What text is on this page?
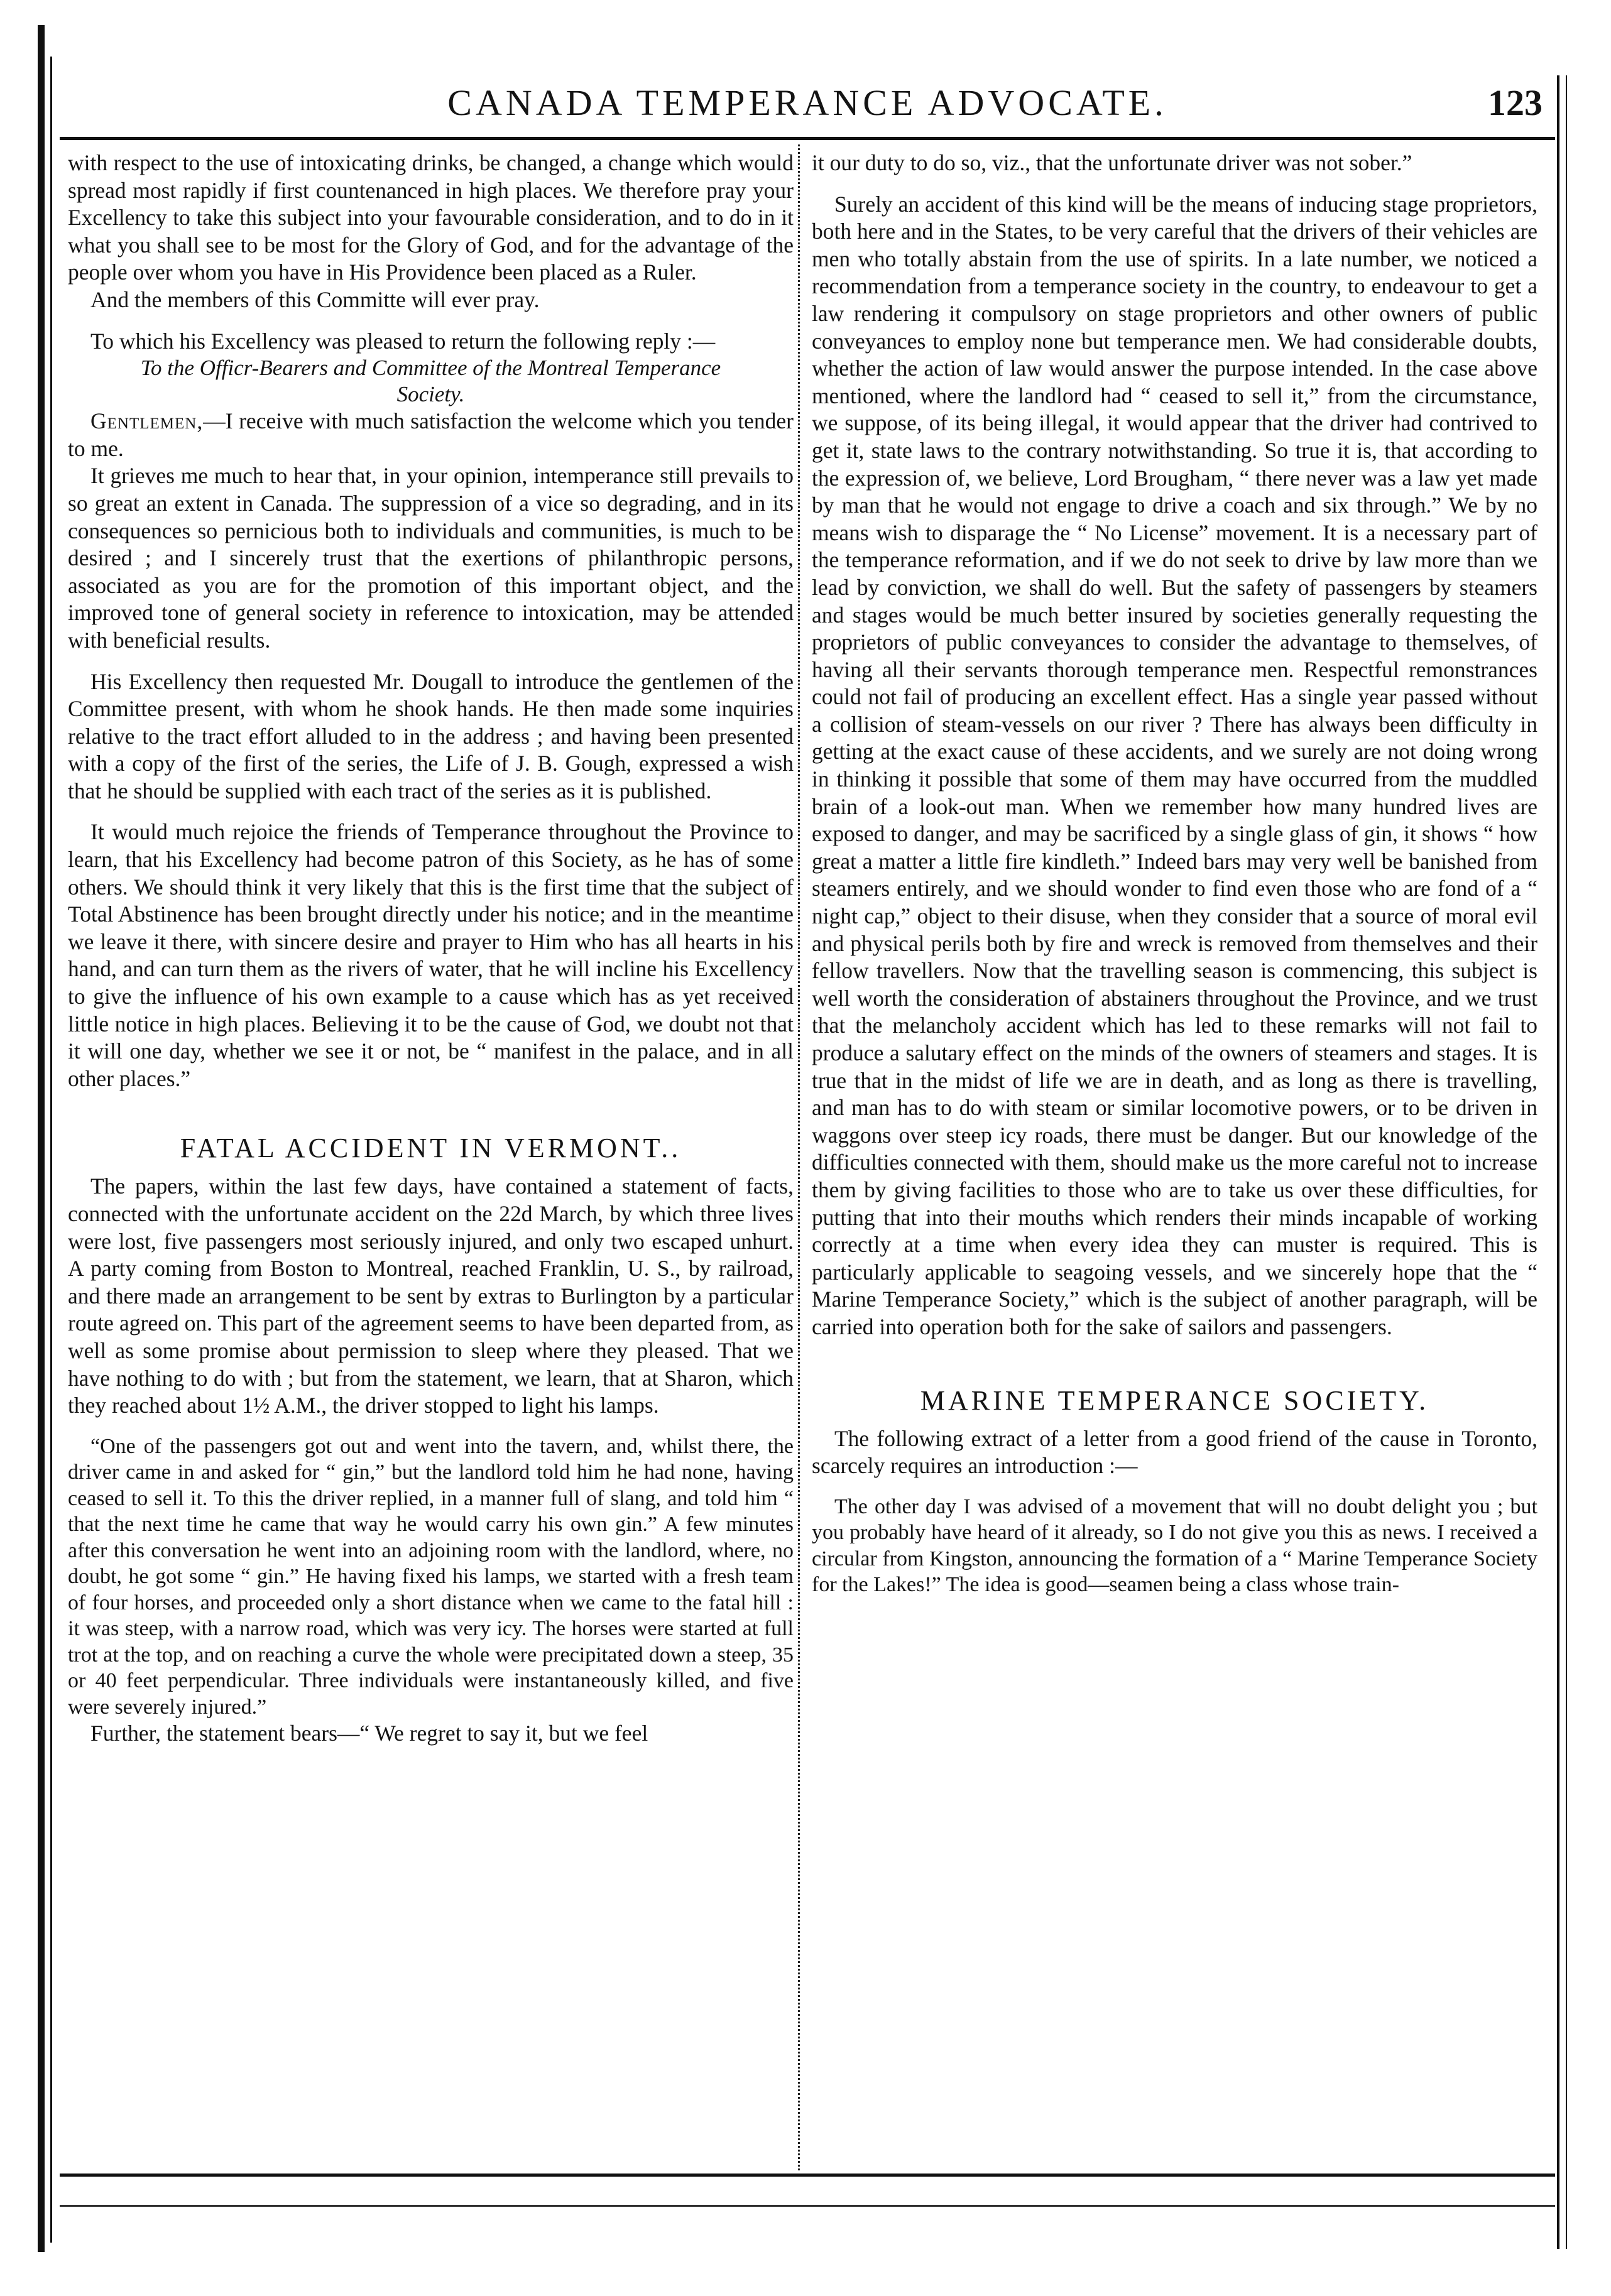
CANADA TEMPERANCE ADVOCATE.	123

with respect to the use of intoxicating drinks, be changed, a change which would spread most rapidly if first countenanced in high places. We therefore pray your Excellency to take this subject into your favourable consideration, and to do in it what you shall see to be most for the Glory of God, and for the advantage of the people over whom you have in His Providence been placed as a Ruler.

And the members of this Committe will ever pray.

To which his Excellency was pleased to return the following reply :—

To the Officr-Bearers and Committee of the Montreal Temperance Society.

Gentlemen,—I receive with much satisfaction the welcome which you tender to me.

It grieves me much to hear that, in your opinion, intemperance still prevails to so great an extent in Canada. The suppression of a vice so degrading, and in its consequences so pernicious both to individuals and communities, is much to be desired ; and I sincerely trust that the exertions of philanthropic persons, associated as you are for the promotion of this important object, and the improved tone of general society in reference to intoxication, may be attended with beneficial results.

His Excellency then requested Mr. Dougall to introduce the gentlemen of the Committee present, with whom he shook hands. He then made some inquiries relative to the tract effort alluded to in the address ; and having been presented with a copy of the first of the series, the Life of J. B. Gough, expressed a wish that he should be supplied with each tract of the series as it is published.

It would much rejoice the friends of Temperance throughout the Province to learn, that his Excellency had become patron of this Society, as he has of some others. We should think it very likely that this is the first time that the subject of Total Abstinence has been brought directly under his notice; and in the meantime we leave it there, with sincere desire and prayer to Him who has all hearts in his hand, and can turn them as the rivers of water, that he will incline his Excellency to give the influence of his own example to a cause which has as yet received little notice in high places. Believing it to be the cause of God, we doubt not that it will one day, whether we see it or not, be “ manifest in the palace, and in all other places.”

FATAL ACCIDENT IN VERMONT..

The papers, within the last few days, have contained a statement of facts, connected with the unfortunate accident on the 22d March, by which three lives were lost, five passengers most seriously injured, and only two escaped unhurt. A party coming from Boston to Montreal, reached Franklin, U. S., by railroad, and there made an arrangement to be sent by extras to Burlington by a particular route agreed on. This part of the agreement seems to have been departed from, as well as some promise about permission to sleep where they pleased. That we have nothing to do with ; but from the statement, we learn, that at Sharon, which they reached about 1½ A.M., the driver stopped to light his lamps.

“One of the passengers got out and went into the tavern, and, whilst there, the driver came in and asked for “ gin,” but the landlord told him he had none, having ceased to sell it. To this the driver replied, in a manner full of slang, and told him “ that the next time he came that way he would carry his own gin.” A few minutes after this conversation he went into an adjoining room with the landlord, where, no doubt, he got some “ gin.” He having fixed his lamps, we started with a fresh team of four horses, and proceeded only a short distance when we came to the fatal hill : it was steep, with a narrow road, which was very icy. The horses were started at full trot at the top, and on reaching a curve the whole were precipitated down a steep, 35 or 40 feet perpendicular. Three individuals were instantaneously killed, and five were severely injured.”

Further, the statement bears—“ We regret to say it, but we feel

it our duty to do so, viz., that the unfortunate driver was not sober.”

Surely an accident of this kind will be the means of inducing stage proprietors, both here and in the States, to be very careful that the drivers of their vehicles are men who totally abstain from the use of spirits. In a late number, we noticed a recommendation from a temperance society in the country, to endeavour to get a law rendering it compulsory on stage proprietors and other owners of public conveyances to employ none but temperance men. We had considerable doubts, whether the action of law would answer the purpose intended. In the case above mentioned, where the landlord had “ ceased to sell it,” from the circumstance, we suppose, of its being illegal, it would appear that the driver had contrived to get it, state laws to the contrary notwithstanding. So true it is, that according to the expression of, we believe, Lord Brougham, “ there never was a law yet made by man that he would not engage to drive a coach and six through.” We by no means wish to disparage the “ No License” movement. It is a necessary part of the temperance reformation, and if we do not seek to drive by law more than we lead by conviction, we shall do well. But the safety of passengers by steamers and stages would be much better insured by societies generally requesting the proprietors of public conveyances to consider the advantage to themselves, of having all their servants thorough temperance men. Respectful remonstrances could not fail of producing an excellent effect. Has a single year passed without a collision of steam-vessels on our river ? There has always been difficulty in getting at the exact cause of these accidents, and we surely are not doing wrong in thinking it possible that some of them may have occurred from the muddled brain of a look-out man. When we remember how many hundred lives are exposed to danger, and may be sacrificed by a single glass of gin, it shows “ how great a matter a little fire kindleth.” Indeed bars may very well be banished from steamers entirely, and we should wonder to find even those who are fond of a “ night cap,” object to their disuse, when they consider that a source of moral evil and physical perils both by fire and wreck is removed from themselves and their fellow travellers. Now that the travelling season is commencing, this subject is well worth the consideration of abstainers throughout the Province, and we trust that the melancholy accident which has led to these remarks will not fail to produce a salutary effect on the minds of the owners of steamers and stages. It is true that in the midst of life we are in death, and as long as there is travelling, and man has to do with steam or similar locomotive powers, or to be driven in waggons over steep icy roads, there must be danger. But our knowledge of the difficulties connected with them, should make us the more careful not to increase them by giving facilities to those who are to take us over these difficulties, for putting that into their mouths which renders their minds incapable of working correctly at a time when every idea they can muster is required. This is particularly applicable to seagoing vessels, and we sincerely hope that the “ Marine Temperance Society,” which is the subject of another paragraph, will be carried into operation both for the sake of sailors and passengers.

MARINE TEMPERANCE SOCIETY.

The following extract of a letter from a good friend of the cause in Toronto, scarcely requires an introduction :—

The other day I was advised of a movement that will no doubt delight you ; but you probably have heard of it already, so I do not give you this as news. I received a circular from Kingston, announcing the formation of a “ Marine Temperance Society for the Lakes!” The idea is good—seamen being a class whose train-
